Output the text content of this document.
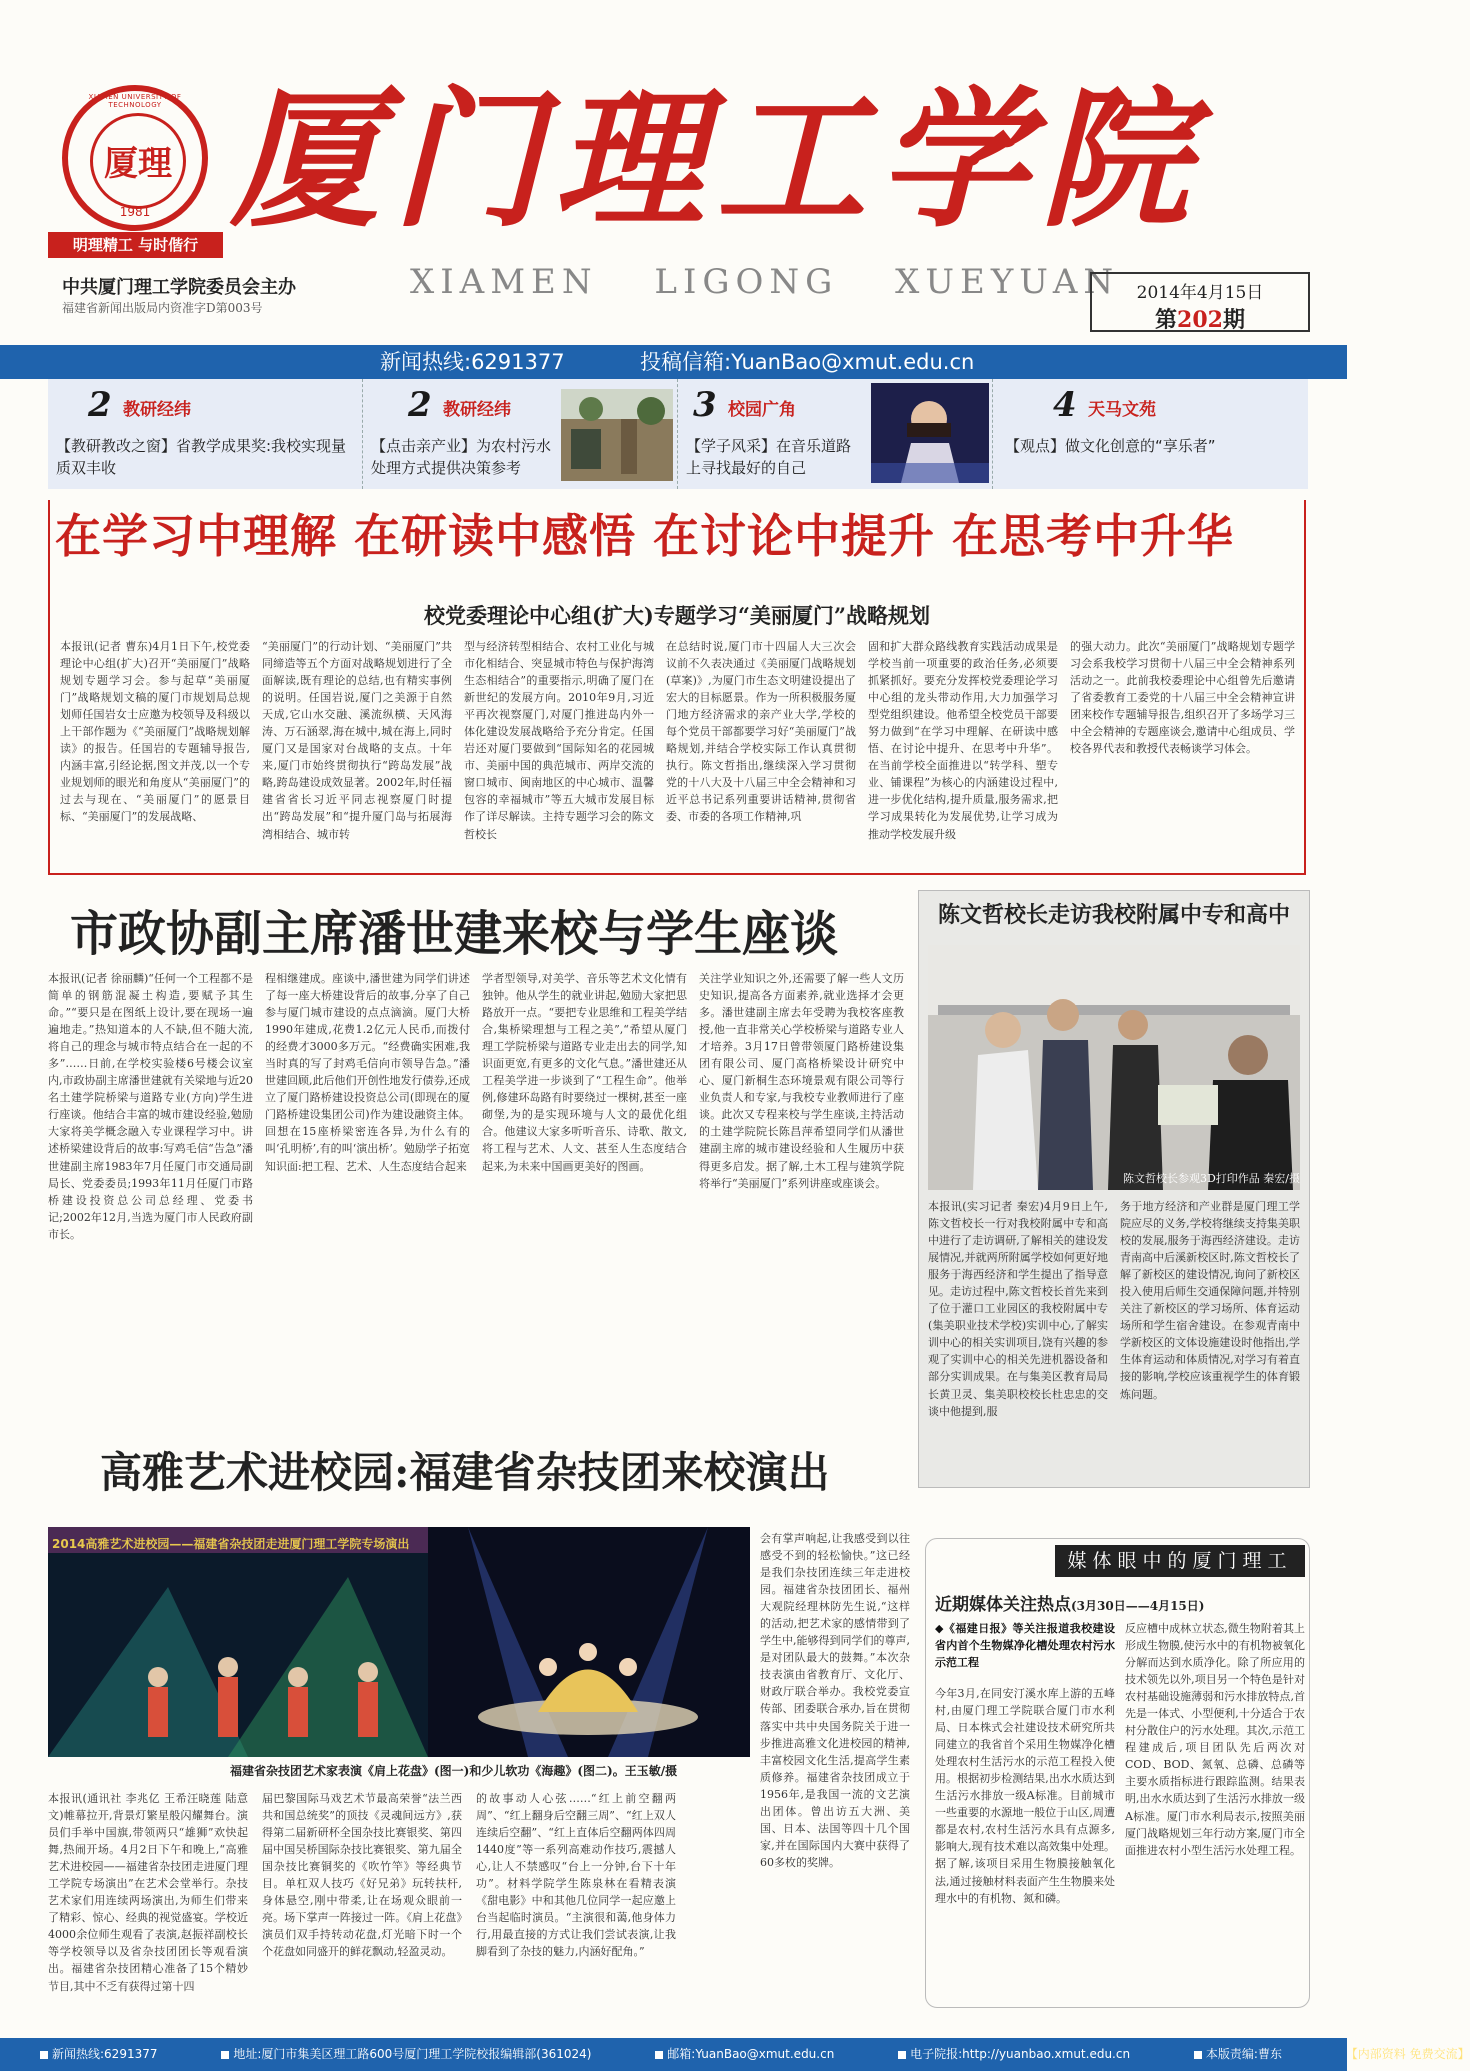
XIAMEN UNIVERSITY OF TECHNOLOGY
厦理
1981
明理精工 与时偕行 厦门理工学院
中共厦门理工学院委员会主办
福建省新闻出版局内资准字D第003号
XIAMEN LIGONG XUEYUAN	2014年4月15日
第202期
新闻热线:6291377	投稿信箱:YuanBao@xmut.edu.cn
2 教研经纬
【教研教改之窗】省教学成果奖:我校实现量质双丰收
2 教研经纬
【点击亲产业】为农村污水处理方式提供决策参考
3 校园广角
【学子风采】在音乐道路上寻找最好的自己
4 天马文苑
【观点】做文化创意的“享乐者”
在学习中理解 在研读中感悟 在讨论中提升 在思考中升华
校党委理论中心组(扩大)专题学习“美丽厦门”战略规划
本报讯(记者 曹东)4月1日下午,校党委理论中心组(扩大)召开“美丽厦门”战略规划专题学习会。参与起草“美丽厦门”战略规划文稿的厦门市规划局总规划师任国岩女士应邀为校领导及科级以上干部作题为《“美丽厦门”战略规划解读》的报告。任国岩的专题辅导报告,内涵丰富,引经论据,图文并茂,以一个专业规划师的眼光和角度从“美丽厦门”的过去与现在、“美丽厦门”的愿景目标、“美丽厦门”的发展战略、
“美丽厦门”的行动计划、“美丽厦门”共同缔造等五个方面对战略规划进行了全面解读,既有理论的总结,也有精实事例的说明。任国岩说,厦门之美源于自然天成,它山水交融、溪流纵横、天风海涛、万石涵翠,海在城中,城在海上,同时厦门又是国家对台战略的支点。十年来,厦门市始终贯彻执行“跨岛发展”战略,跨岛建设成效显著。2002年,时任福建省省长习近平同志视察厦门时提出“跨岛发展”和“提升厦门岛与拓展海湾相结合、城市转
型与经济转型相结合、农村工业化与城市化相结合、突显城市特色与保护海湾生态相结合”的重要指示,明确了厦门在新世纪的发展方向。2010年9月,习近平再次视察厦门,对厦门推进岛内外一体化建设发展战略给予充分肯定。任国岩还对厦门要做到“国际知名的花园城市、美丽中国的典范城市、两岸交流的窗口城市、闽南地区的中心城市、温馨包容的幸福城市”等五大城市发展目标作了详尽解读。主持专题学习会的陈文哲校长
在总结时说,厦门市十四届人大三次会议前不久表决通过《美丽厦门战略规划(草案)》,为厦门市生态文明建设提出了宏大的目标愿景。作为一所积极服务厦门地方经济需求的亲产业大学,学校的每个党员干部都要学习好“美丽厦门”战略规划,并结合学校实际工作认真贯彻执行。陈文哲指出,继续深入学习贯彻党的十八大及十八届三中全会精神和习近平总书记系列重要讲话精神,贯彻省委、市委的各项工作精神,巩
固和扩大群众路线教育实践活动成果是学校当前一项重要的政治任务,必须要抓紧抓好。要充分发挥校党委理论学习中心组的龙头带动作用,大力加强学习型党组织建设。他希望全校党员干部要努力做到“在学习中理解、在研读中感悟、在讨论中提升、在思考中升华”。在当前学校全面推进以“转学科、塑专业、铺课程”为核心的内涵建设过程中,进一步优化结构,提升质量,服务需求,把学习成果转化为发展优势,让学习成为推动学校发展升级
的强大动力。此次“美丽厦门”战略规划专题学习会系我校学习贯彻十八届三中全会精神系列活动之一。此前我校委理论中心组曾先后邀请了省委教育工委党的十八届三中全会精神宣讲团来校作专题辅导报告,组织召开了多场学习三中全会精神的专题座谈会,邀请中心组成员、学校各界代表和教授代表畅谈学习体会。
市政协副主席潘世建来校与学生座谈
本报讯(记者 徐丽麟)“任何一个工程都不是简单的钢筋混凝土构造,要赋予其生命。”“要只是在图纸上设计,要在现场一遍遍地走。”热知道本的人不缺,但不随大流,将自己的理念与城市特点结合在一起的不多”……日前,在学校实验楼6号楼会议室内,市政协副主席潘世建就有关梁地与近20名土建学院桥梁与道路专业(方向)学生进行座谈。他结合丰富的城市建设经验,勉励大家将美学概念融入专业课程学习中。讲述桥梁建设背后的故事:写鸡毛信“告急”潘世建副主席1983年7月任厦门市交通局副局长、党委委员;1993年11月任厦门市路桥建设投资总公司总经理、党委书记;2002年12月,当选为厦门市人民政府副市长。
程相继建成。座谈中,潘世建为同学们讲述了每一座大桥建设背后的故事,分享了自己参与厦门城市建设的点点滴滴。厦门大桥1990年建成,花费1.2亿元人民币,而拨付的经费才3000多万元。“经费确实困难,我当时真的写了封鸡毛信向市领导告急。”潘世建回顾,此后他们开创性地发行债券,还成立了厦门路桥建设投资总公司(即现在的厦门路桥建设集团公司)作为建设融资主体。回想在15座桥梁密连各异,为什么有的叫‘孔明桥’,有的叫‘演出桥’。勉励学子拓宽知识面:把工程、艺术、人生态度结合起来
学者型领导,对美学、音乐等艺术文化情有独钟。他从学生的就业讲起,勉励大家把思路放开一点。“要把专业思维和工程美学结合,集桥梁理想与工程之美”,“希望从厦门理工学院桥梁与道路专业走出去的同学,知识面更宽,有更多的文化气息。”潘世建还从工程美学进一步谈到了“工程生命”。他举例,修建环岛路有时要绕过一棵树,甚至一座砌堡,为的是实现环境与人文的最优化组合。他建议大家多听听音乐、诗歌、散文,将工程与艺术、人文、甚至人生态度结合起来,为未来中国画更美好的图画。
关注学业知识之外,还需要了解一些人文历史知识,提高各方面素养,就业选择才会更多。潘世建副主席去年受聘为我校客座教授,他一直非常关心学校桥梁与道路专业人才培养。3月17日曾带领厦门路桥建设集团有限公司、厦门高格桥梁设计研究中心、厦门新桐生态环境景观有限公司等行业负责人和专家,与我校专业教师进行了座谈。此次又专程来校与学生座谈,主持活动的土建学院院长陈昌萍希望同学们从潘世建副主席的城市建设经验和人生履历中获得更多启发。据了解,土木工程与建筑学院将举行“美丽厦门”系列讲座或座谈会。
陈文哲校长走访我校附属中专和高中
陈文哲校长参观3D打印作品 秦宏/摄
本报讯(实习记者 秦宏)4月9日上午,陈文哲校长一行对我校附属中专和高中进行了走访调研,了解相关的建设发展情况,并就两所附属学校如何更好地服务于海西经济和学生提出了指导意见。走访过程中,陈文哲校长首先来到了位于灌口工业园区的我校附属中专(集美职业技术学校)实训中心,了解实训中心的相关实训项目,饶有兴趣的参观了实训中心的相关先进机器设备和部分实训成果。在与集美区教育局局长黄卫灵、集美职校校长杜忠忠的交谈中他提到,服
务于地方经济和产业群是厦门理工学院应尽的义务,学校将继续支持集美职校的发展,服务于海西经济建设。走访青南高中后溪新校区时,陈文哲校长了解了新校区的建设情况,询问了新校区投入使用后师生交通保障问题,并特别关注了新校区的学习场所、体育运动场所和学生宿舍建设。在参观青南中学新校区的文体设施建设时他指出,学生体育运动和体质情况,对学习有着直接的影响,学校应该重视学生的体育锻炼问题。
高雅艺术进校园:福建省杂技团来校演出
2014高雅艺术进校园——福建省杂技团走进厦门理工学院专场演出
福建省杂技团艺术家表演《肩上花盘》(图一)和少儿软功《海趣》(图二)。王玉敏/摄
本报讯(通讯社 李兆亿 王希汪晓莲 陆意文)帷幕拉开,背景灯繁星般闪耀舞台。演员们手举中国旗,带领两只“雄狮”欢快起舞,热闹开场。4月2日下午和晚上,“高雅艺术进校园——福建省杂技团走进厦门理工学院专场演出”在艺术会堂举行。杂技艺术家们用连续两场演出,为师生们带来了精彩、惊心、经典的视觉盛宴。学校近4000余位师生观看了表演,赵振祥副校长等学校领导以及省杂技团团长等观看演出。福建省杂技团精心准备了15个精妙节目,其中不乏有获得过第十四
届巴黎国际马戏艺术节最高荣誉“法兰西共和国总统奖”的顶技《灵魂间远方》,获得第二届新研杯全国杂技比赛银奖、第四届中国吴桥国际杂技比赛银奖、第九届全国杂技比赛铜奖的《吹竹竿》等经典节目。单杠双人技巧《好兄弟》玩转扶杆,身体悬空,刚中带柔,让在场观众眼前一亮。场下掌声一阵接过一阵。《肩上花盘》演员们双手持转动花盘,灯光暗下时一个个花盘如同盛开的鲜花飘动,轻盈灵动。
的故事动人心弦……“红上前空翻两周”、“红上翻身后空翻三周”、“红上双人连续后空翻”、“红上直体后空翻两体四周1440度”等一系列高难动作技巧,震撼人心,让人不禁感叹“台上一分钟,台下十年功”。材料学院学生陈泉林在看精表演《甜电影》中和其他几位同学一起应邀上台当起临时演员。“主演很和蔼,他身体力行,用最直接的方式让我们尝试表演,让我脚看到了杂技的魅力,内涵好配角。”
会有掌声响起,让我感受到以往感受不到的轻松愉快。”这已经是我们杂技团连续三年走进校园。福建省杂技团团长、福州大观院经理林防先生说,“这样的活动,把艺术家的感情带到了学生中,能够得到同学们的尊声,是对团队最大的鼓舞。”本次杂技表演由省教育厅、文化厅、财政厅联合举办。我校党委宣传部、团委联合承办,旨在贯彻落实中共中央国务院关于进一步推进高雅文化进校园的精神,丰富校园文化生活,提高学生素质修养。福建省杂技团成立于1956年,是我国一流的文艺演出团体。曾出访五大洲、美国、日本、法国等四十几个国家,并在国际国内大赛中获得了60多枚的奖牌。
媒体眼中的厦门理工
近期媒体关注热点(3月30日——4月15日)
◆《福建日报》等关注报道我校建设省内首个生物媒净化槽处理农村污水示范工程
今年3月,在同安汀溪水库上游的五峰村,由厦门理工学院联合厦门市水利局、日本株式会社建设技术研究所共同建立的我省首个采用生物媒净化槽处理农村生活污水的示范工程投入使用。根据初步检测结果,出水水质达到生活污水排放一级A标准。目前城市一些重要的水源地一般位于山区,周遭都是农村,农村生活污水具有点源多,影响大,现有技术难以高效集中处理。据了解,该项目采用生物膜接触氧化法,通过接触材料表面产生生物膜来处理水中的有机物、氮和磷。
反应槽中成林立状态,微生物附着其上形成生物膜,使污水中的有机物被氧化分解而达到水质净化。除了所应用的技术领先以外,项目另一个特色是针对农村基础设施薄弱和污水排放特点,首先是一体式、小型便利,十分适合于农村分散住户的污水处理。其次,示范工程建成后,项目团队先后两次对COD、BOD、氮氧、总磷、总磷等主要水质指标进行跟踪监测。结果表明,出水水质达到了生活污水排放一级A标准。厦门市水利局表示,按照美丽厦门战略规划三年行动方案,厦门市全面推进农村小型生活污水处理工程。
新闻热线:6291377	地址:厦门市集美区理工路600号厦门理工学院校报编辑部(361024)	邮箱:YuanBao@xmut.edu.cn	电子院报:http://yuanbao.xmut.edu.cn	本版责编:曹东	【内部资料 免费交流】
